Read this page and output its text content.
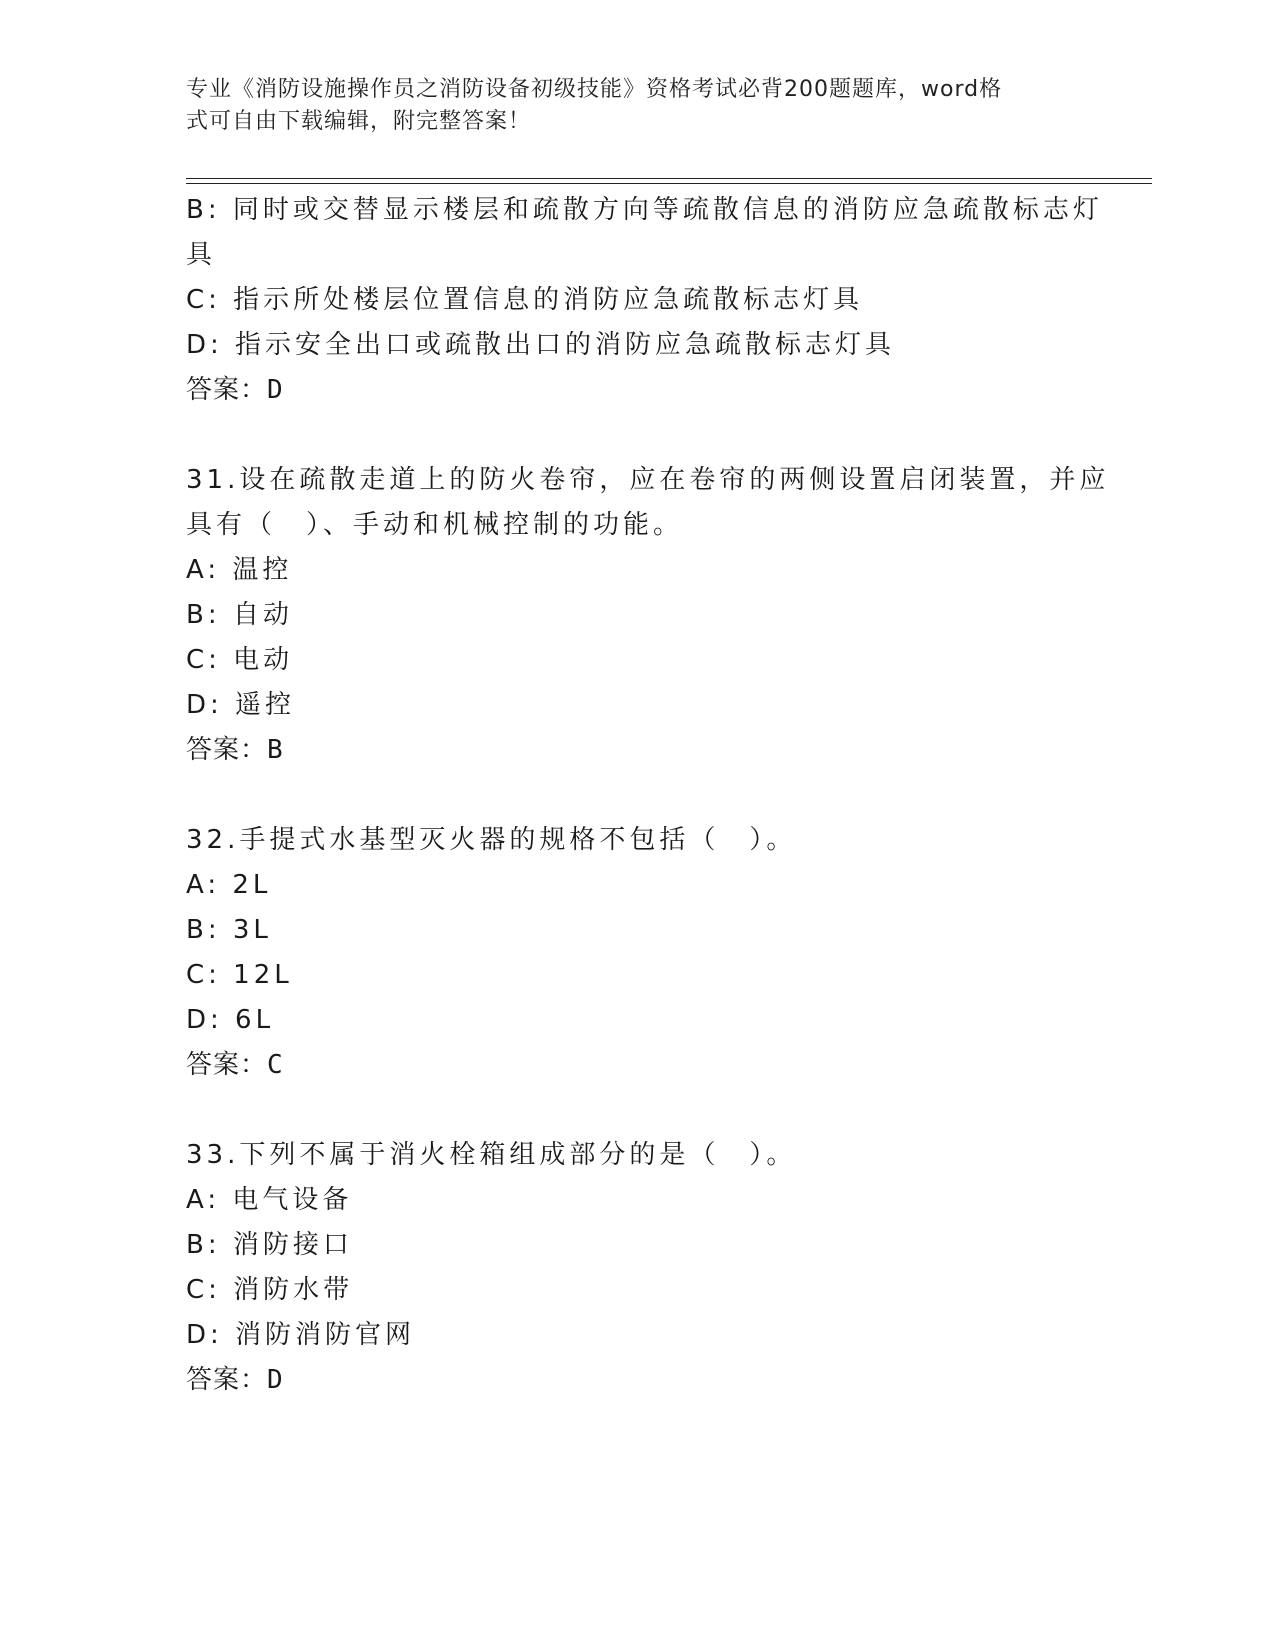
专业《消防设施操作员之消防设备初级技能》资格考试必背200题题库，word格
式可自由下载编辑，附完整答案！
B: 同时或交替显示楼层和疏散方向等疏散信息的消防应急疏散标志灯
具
C: 指示所处楼层位置信息的消防应急疏散标志灯具
D: 指示安全出口或疏散出口的消防应急疏散标志灯具
答案：D
31.设在疏散走道上的防火卷帘，应在卷帘的两侧设置启闭装置，并应
具有（　）、手动和机械控制的功能。
A: 温控
B: 自动
C: 电动
D: 遥控
答案：B
32.手提式水基型灭火器的规格不包括（　）。
A: 2L
B: 3L
C: 12L
D: 6L
答案：C
33.下列不属于消火栓箱组成部分的是（　）。
A: 电气设备
B: 消防接口
C: 消防水带
D: 消防消防官网
答案：D
